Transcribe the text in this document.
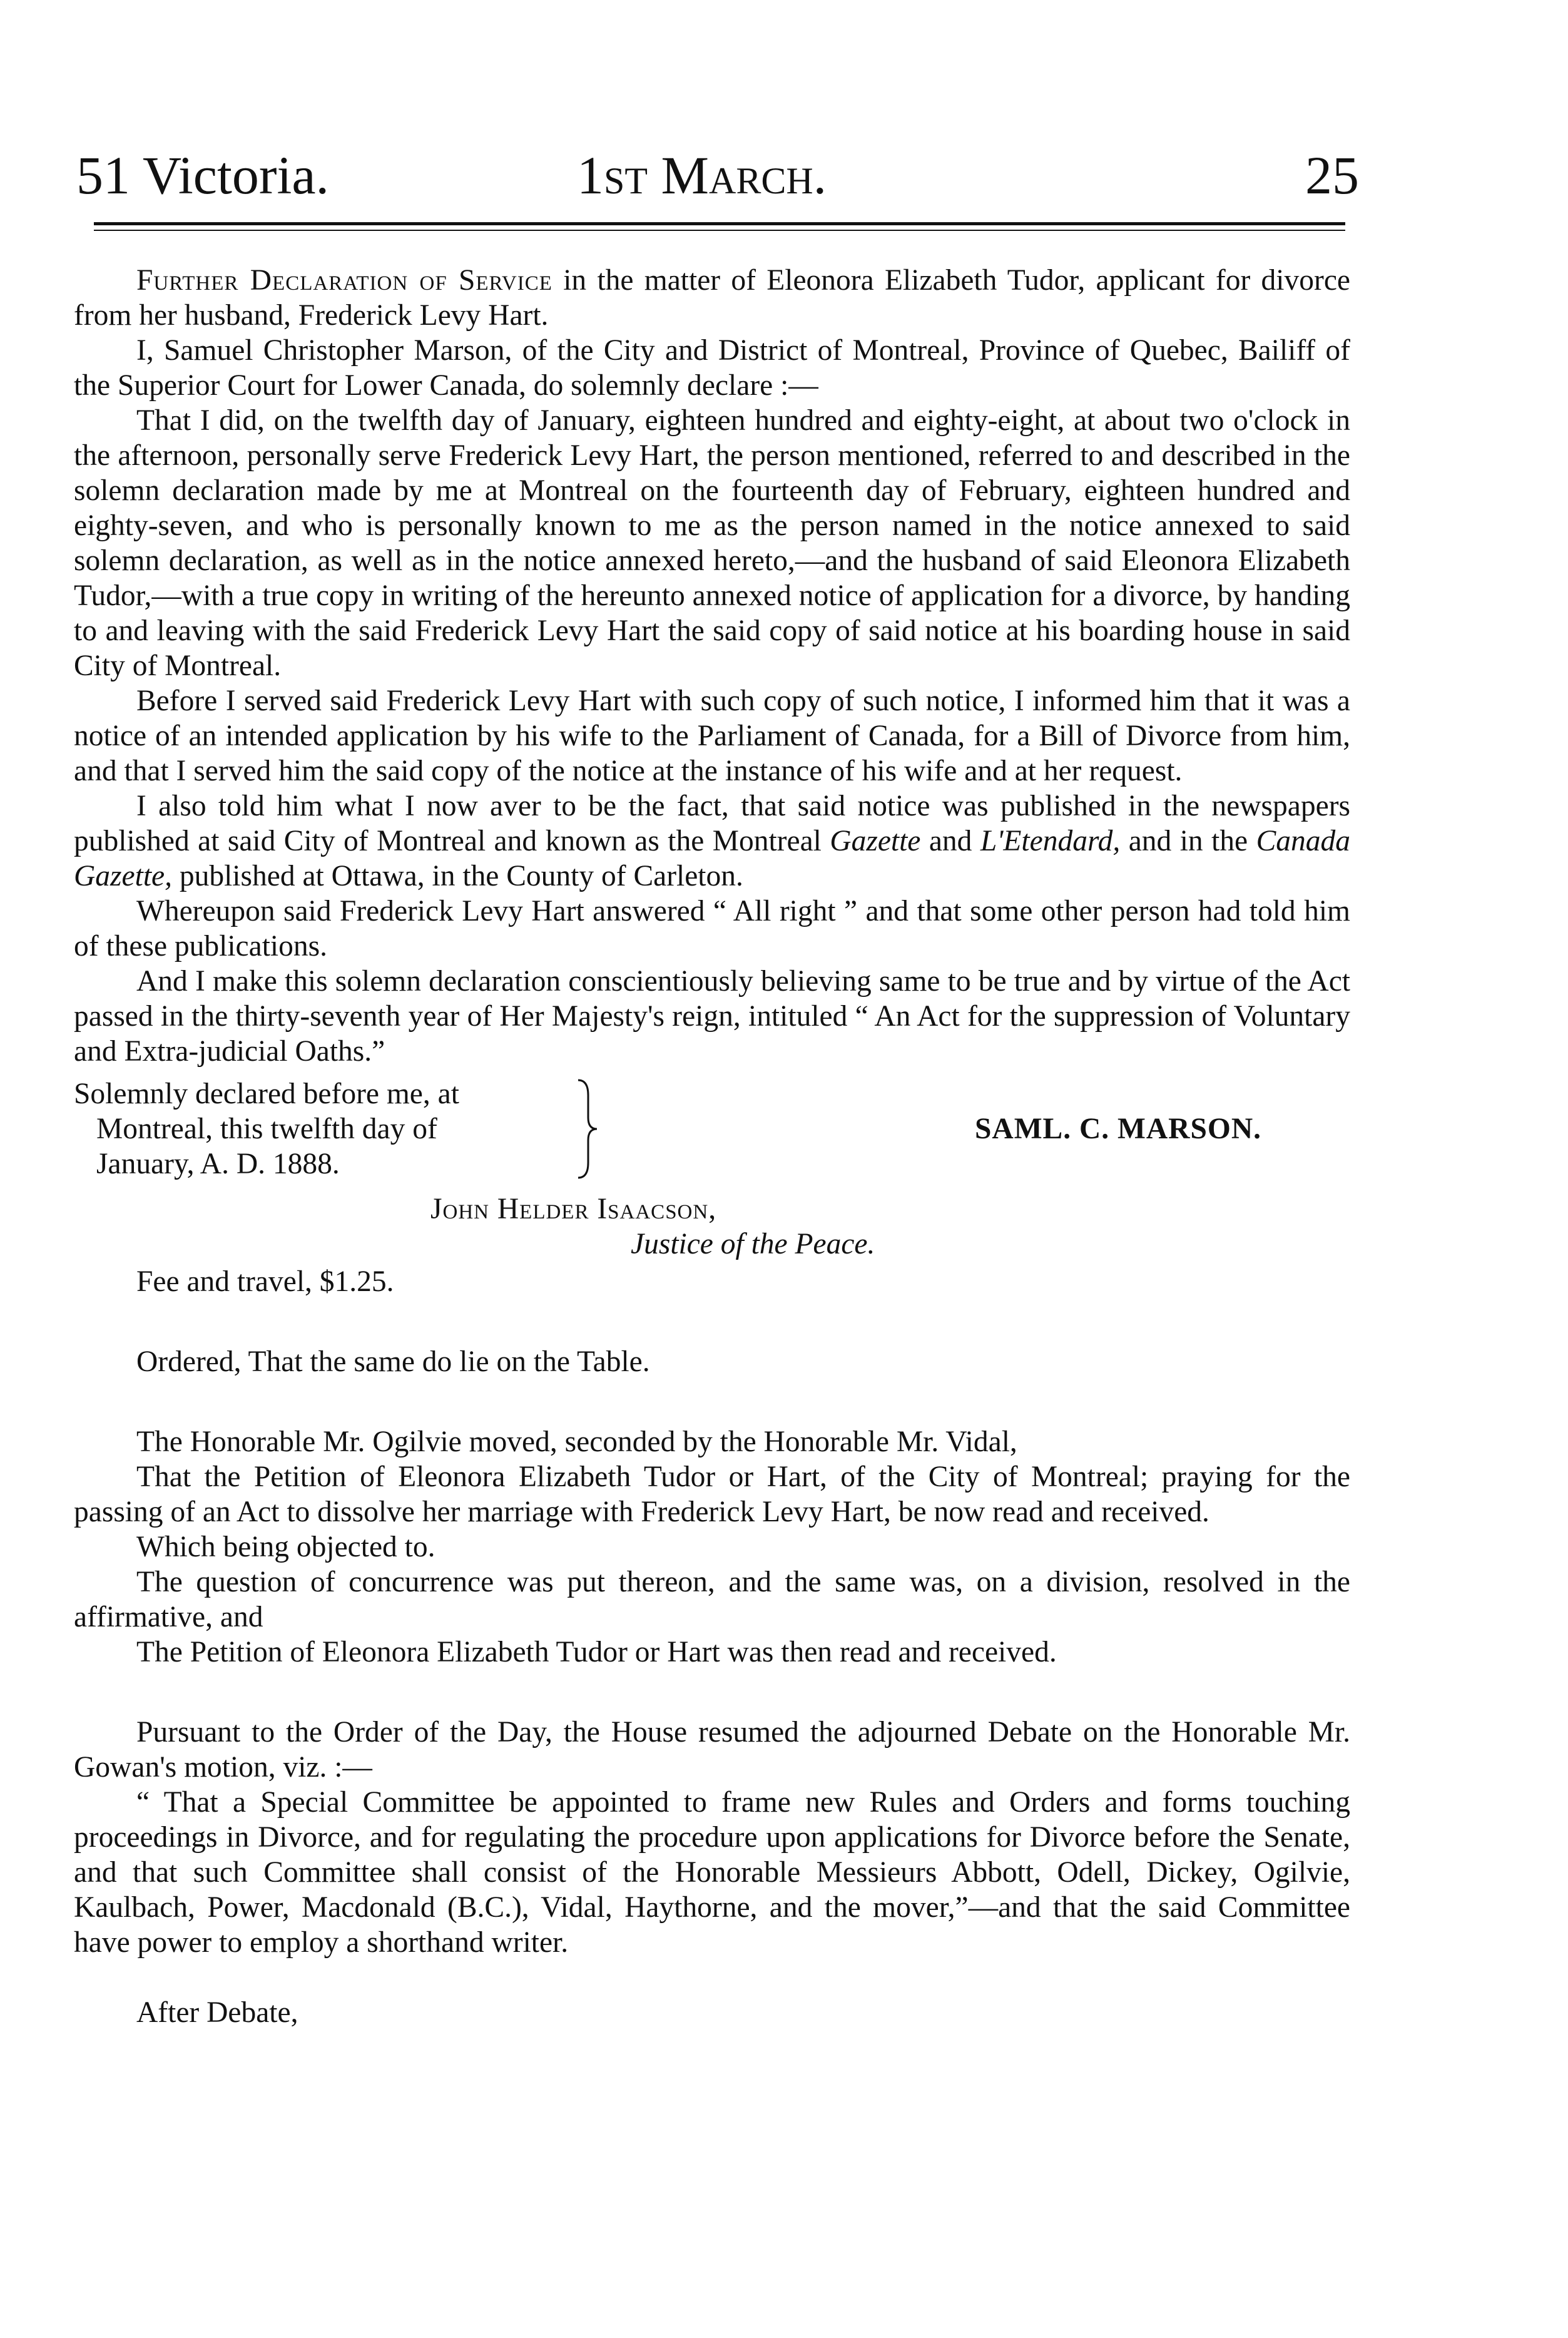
51 Victoria.	1st March.	25

Further Declaration of Service in the matter of Eleonora Elizabeth Tudor, applicant for divorce from her husband, Frederick Levy Hart.

I, Samuel Christopher Marson, of the City and District of Montreal, Province of Quebec, Bailiff of the Superior Court for Lower Canada, do solemnly declare :—

That I did, on the twelfth day of January, eighteen hundred and eighty-eight, at about two o'clock in the afternoon, personally serve Frederick Levy Hart, the person mentioned, referred to and described in the solemn declaration made by me at Montreal on the fourteenth day of February, eighteen hundred and eighty-seven, and who is personally known to me as the person named in the notice annexed to said solemn declaration, as well as in the notice annexed hereto,—and the husband of said Eleonora Elizabeth Tudor,—with a true copy in writing of the hereunto annexed notice of application for a divorce, by handing to and leaving with the said Frederick Levy Hart the said copy of said notice at his boarding house in said City of Montreal.

Before I served said Frederick Levy Hart with such copy of such notice, I informed him that it was a notice of an intended application by his wife to the Parliament of Canada, for a Bill of Divorce from him, and that I served him the said copy of the notice at the instance of his wife and at her request.

I also told him what I now aver to be the fact, that said notice was published in the newspapers published at said City of Montreal and known as the Montreal Gazette and L'Etendard, and in the Canada Gazette, published at Ottawa, in the County of Carleton.

Whereupon said Frederick Levy Hart answered “ All right ” and that some other person had told him of these publications.

And I make this solemn declaration conscientiously believing same to be true and by virtue of the Act passed in the thirty-seventh year of Her Majesty's reign, intituled “ An Act for the suppression of Voluntary and Extra-judicial Oaths.”

Solemnly declared before me, at
Montreal, this twelfth day of
January, A. D. 1888.
SAML. C. MARSON.
John Helder Isaacson,
Justice of the Peace.

Fee and travel, $1.25.

Ordered, That the same do lie on the Table.

The Honorable Mr. Ogilvie moved, seconded by the Honorable Mr. Vidal,

That the Petition of Eleonora Elizabeth Tudor or Hart, of the City of Montreal; praying for the passing of an Act to dissolve her marriage with Frederick Levy Hart, be now read and received.

Which being objected to.

The question of concurrence was put thereon, and the same was, on a division, resolved in the affirmative, and

The Petition of Eleonora Elizabeth Tudor or Hart was then read and received.

Pursuant to the Order of the Day, the House resumed the adjourned Debate on the Honorable Mr. Gowan's motion, viz. :—

“ That a Special Committee be appointed to frame new Rules and Orders and forms touching proceedings in Divorce, and for regulating the procedure upon applications for Divorce before the Senate, and that such Committee shall consist of the Honorable Messieurs Abbott, Odell, Dickey, Ogilvie, Kaulbach, Power, Macdonald (B.C.), Vidal, Haythorne, and the mover,”—and that the said Committee have power to employ a shorthand writer.

After Debate,
